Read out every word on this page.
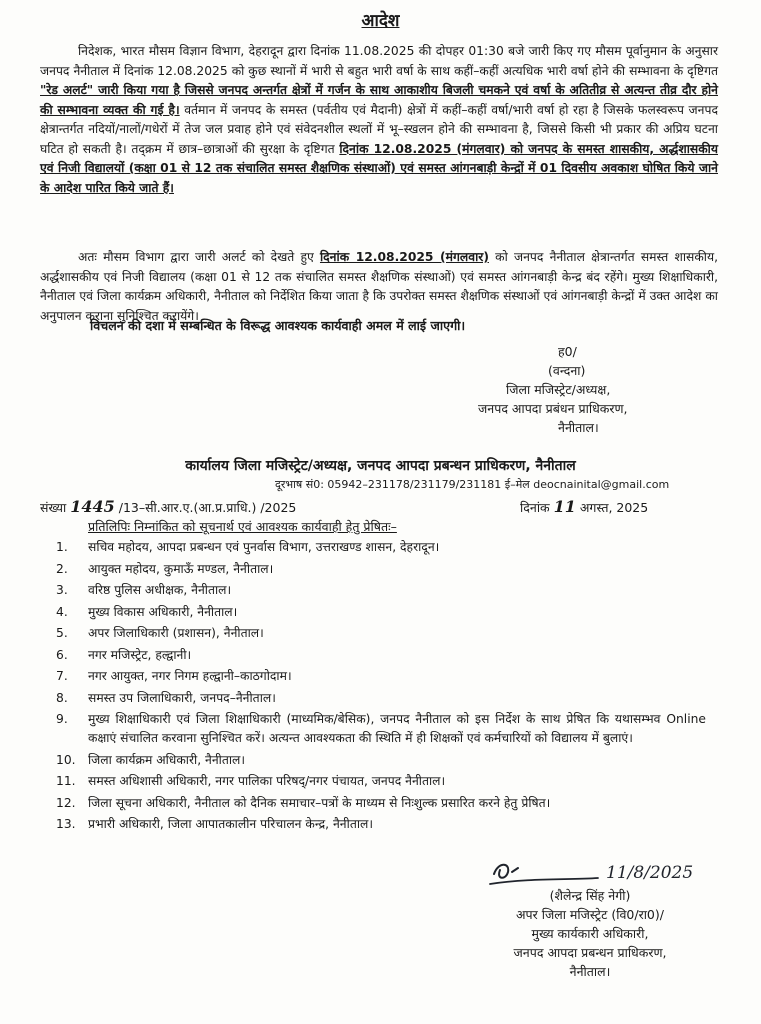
आदेश
निदेशक, भारत मौसम विज्ञान विभाग, देहरादून द्वारा दिनांक 11.08.2025 की दोपहर 01:30 बजे जारी किए गए मौसम पूर्वानुमान के अनुसार जनपद नैनीताल में दिनांक 12.08.2025 को कुछ स्थानों में भारी से बहुत भारी वर्षा के साथ कहीं–कहीं अत्यधिक भारी वर्षा होने की सम्भावना के दृष्टिगत "रेड अलर्ट" जारी किया गया है जिससे जनपद अन्तर्गत क्षेत्रों में गर्जन के साथ आकाशीय बिजली चमकने एवं वर्षा के अतितीव्र से अत्यन्त तीव्र दौर होने की सम्भावना व्यक्त की गई है। वर्तमान में जनपद के समस्त (पर्वतीय एवं मैदानी) क्षेत्रों में कहीं–कहीं वर्षा/भारी वर्षा हो रहा है जिसके फलस्वरूप जनपद क्षेत्रान्तर्गत नदियों/नालों/गधेरों में तेज जल प्रवाह होने एवं संवेदनशील स्थलों में भू–स्खलन होने की सम्भावना है, जिससे किसी भी प्रकार की अप्रिय घटना घटित हो सकती है। तद्क्रम में छात्र–छात्राओं की सुरक्षा के दृष्टिगत दिनांक 12.08.2025 (मंगलवार) को जनपद के समस्त शासकीय, अर्द्धशासकीय एवं निजी विद्यालयों (कक्षा 01 से 12 तक संचालित समस्त शैक्षणिक संस्थाओं) एवं समस्त आंगनबाड़ी केन्द्रों में 01 दिवसीय अवकाश घोषित किये जाने के आदेश पारित किये जाते हैं।
अतः मौसम विभाग द्वारा जारी अलर्ट को देखते हुए दिनांक 12.08.2025 (मंगलवार) को जनपद नैनीताल क्षेत्रान्तर्गत समस्त शासकीय, अर्द्धशासकीय एवं निजी विद्यालय (कक्षा 01 से 12 तक संचालित समस्त शैक्षणिक संस्थाओं) एवं समस्त आंगनबाड़ी केन्द्र बंद रहेंगे। मुख्य शिक्षाधिकारी, नैनीताल एवं जिला कार्यक्रम अधिकारी, नैनीताल को निर्देशित किया जाता है कि उपरोक्त समस्त शैक्षणिक संस्थाओं एवं आंगनबाड़ी केन्द्रों में उक्त आदेश का अनुपालन कराना सुनिश्चित करायेंगे।
विचलन की दशा में सम्बन्धित के विरूद्ध आवश्यक कार्यवाही अमल में लाई जाएगी।
ह0/
(वन्दना)
जिला मजिस्ट्रेट/अध्यक्ष,
जनपद आपदा प्रबंधन प्राधिकरण,
नैनीताल।
कार्यालय जिला मजिस्ट्रेट/अध्यक्ष, जनपद आपदा प्रबन्धन प्राधिकरण, नैनीताल
दूरभाष सं0: 05942–231178/231179/231181 ई–मेल deocnainital@gmail.com
संख्या 1445 /13–सी.आर.ए.(आ.प्र.प्राधि.) /2025	दिनांक 11 अगस्त, 2025
प्रतिलिपिः निम्नांकित को सूचनार्थ एवं आवश्यक कार्यवाही हेतु प्रेषितः–
1. सचिव महोदय, आपदा प्रबन्धन एवं पुनर्वास विभाग, उत्तराखण्ड शासन, देहरादून।
2. आयुक्त महोदय, कुमाऊँ मण्डल, नैनीताल।
3. वरिष्ठ पुलिस अधीक्षक, नैनीताल।
4. मुख्य विकास अधिकारी, नैनीताल।
5. अपर जिलाधिकारी (प्रशासन), नैनीताल।
6. नगर मजिस्ट्रेट, हल्द्वानी।
7. नगर आयुक्त, नगर निगम हल्द्वानी–काठगोदाम।
8. समस्त उप जिलाधिकारी, जनपद–नैनीताल।
9. मुख्य शिक्षाधिकारी एवं जिला शिक्षाधिकारी (माध्यमिक/बेसिक), जनपद नैनीताल को इस निर्देश के साथ प्रेषित कि यथासम्भव Online कक्षाएं संचालित करवाना सुनिश्चित करें। अत्यन्त आवश्यकता की स्थिति में ही शिक्षकों एवं कर्मचारियों को विद्यालय में बुलाएं।
10. जिला कार्यक्रम अधिकारी, नैनीताल।
11. समस्त अधिशासी अधिकारी, नगर पालिका परिषद्/नगर पंचायत, जनपद नैनीताल।
12. जिला सूचना अधिकारी, नैनीताल को दैनिक समाचार–पत्रों के माध्यम से निःशुल्क प्रसारित करने हेतु प्रेषित।
13. प्रभारी अधिकारी, जिला आपातकालीन परिचालन केन्द्र, नैनीताल।
11/8/2025
(शैलेन्द्र सिंह नेगी)
अपर जिला मजिस्ट्रेट (वि0/रा0)/
मुख्य कार्यकारी अधिकारी,
जनपद आपदा प्रबन्धन प्राधिकरण,
नैनीताल।
